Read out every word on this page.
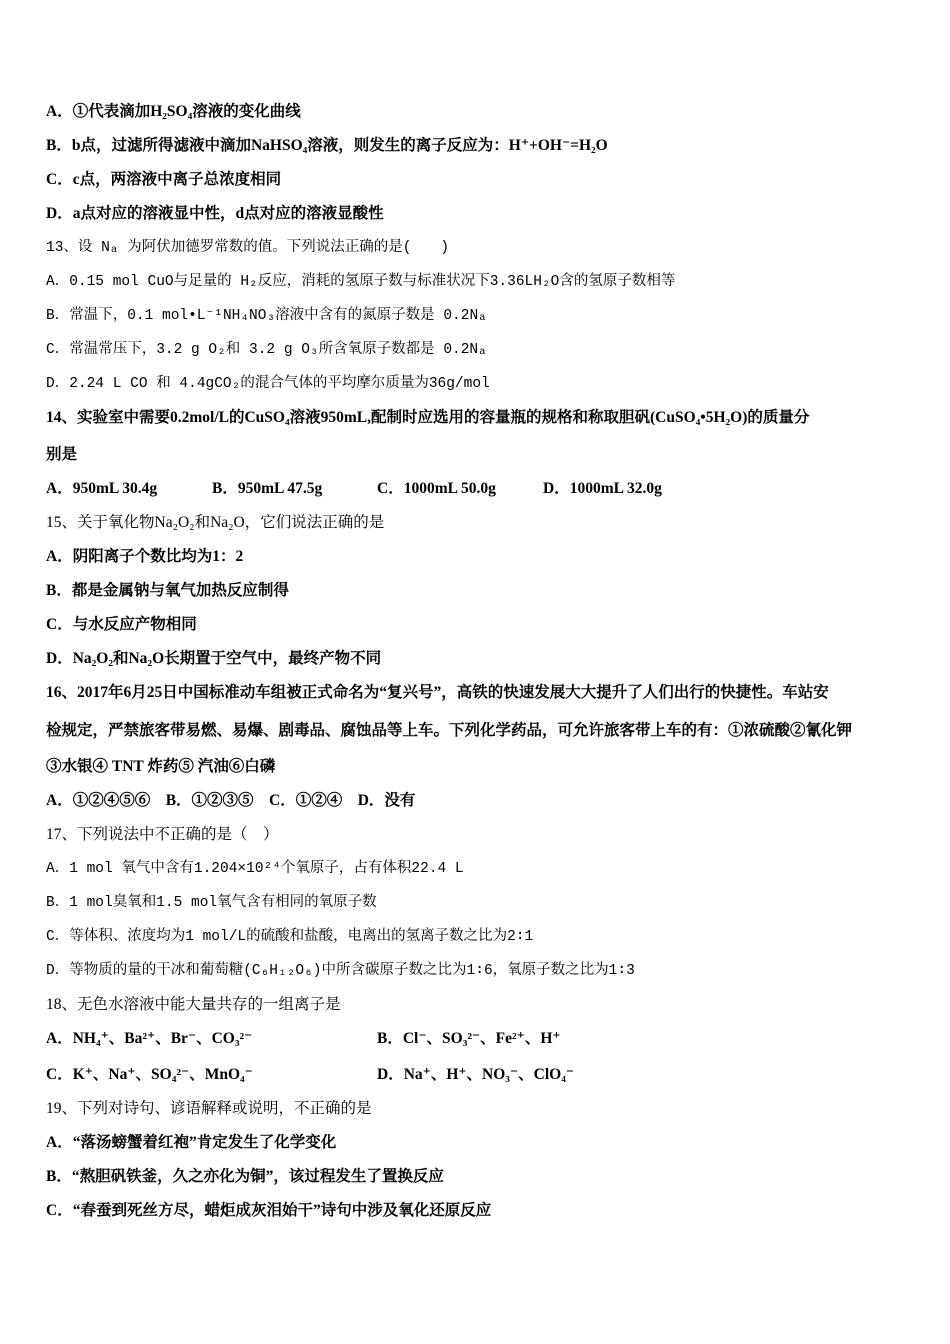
A．①代表滴加H₂SO₄溶液的变化曲线
B．b点，过滤所得滤液中滴加NaHSO₄溶液，则发生的离子反应为：H⁺+OH⁻=H₂O
C．c点，两溶液中离子总浓度相同
D．a点对应的溶液显中性，d点对应的溶液显酸性
13、设 Nₐ 为阿伏加德罗常数的值。下列说法正确的是(　　)
A．0.15 mol CuO与足量的 H₂反应，消耗的氢原子数与标准状况下3.36LH₂O含的氢原子数相等
B．常温下，0.1 mol•L⁻¹NH₄NO₃溶液中含有的氮原子数是 0.2Nₐ
C．常温常压下，3.2 g O₂和 3.2 g O₃所含氧原子数都是 0.2Nₐ
D．2.24 L CO 和 4.4gCO₂的混合气体的平均摩尔质量为36g/mol
14、实验室中需要0.2mol/L的CuSO₄溶液950mL,配制时应选用的容量瓶的规格和称取胆矾(CuSO₄•5H₂O)的质量分
别是
A．950mL 30.4g	B．950mL 47.5g	C．1000mL 50.0g	D．1000mL 32.0g
15、关于氧化物Na₂O₂和Na₂O，它们说法正确的是
A．阴阳离子个数比均为1：2
B．都是金属钠与氧气加热反应制得
C．与水反应产物相同
D．Na₂O₂和Na₂O长期置于空气中，最终产物不同
16、2017年6月25日中国标准动车组被正式命名为“复兴号”，高铁的快速发展大大提升了人们出行的快捷性。车站安
检规定，严禁旅客带易燃、易爆、剧毒品、腐蚀品等上车。下列化学药品，可允许旅客带上车的有：①浓硫酸②氰化钾
③水银④ TNT 炸药⑤ 汽油⑥白磷
A．①②④⑤⑥　B．①②③⑤　C．①②④　D．没有
17、下列说法中不正确的是（　）
A．1 mol 氧气中含有1.204×10²⁴个氧原子，占有体积22.4 L
B．1 mol臭氧和1.5 mol氧气含有相同的氧原子数
C．等体积、浓度均为1 mol/L的硫酸和盐酸，电离出的氢离子数之比为2∶1
D．等物质的量的干冰和葡萄糖(C₆H₁₂O₆)中所含碳原子数之比为1∶6，氧原子数之比为1∶3
18、无色水溶液中能大量共存的一组离子是
A．NH₄⁺、Ba²⁺、Br⁻、CO₃²⁻	B．Cl⁻、SO₃²⁻、Fe²⁺、H⁺
C．K⁺、Na⁺、SO₄²⁻、MnO₄⁻	D．Na⁺、H⁺、NO₃⁻、ClO₄⁻
19、下列对诗句、谚语解释或说明，不正确的是
A．“落汤螃蟹着红袍”肯定发生了化学变化
B．“熬胆矾铁釜，久之亦化为铜”，该过程发生了置换反应
C．“春蚕到死丝方尽，蜡炬成灰泪始干”诗句中涉及氧化还原反应
